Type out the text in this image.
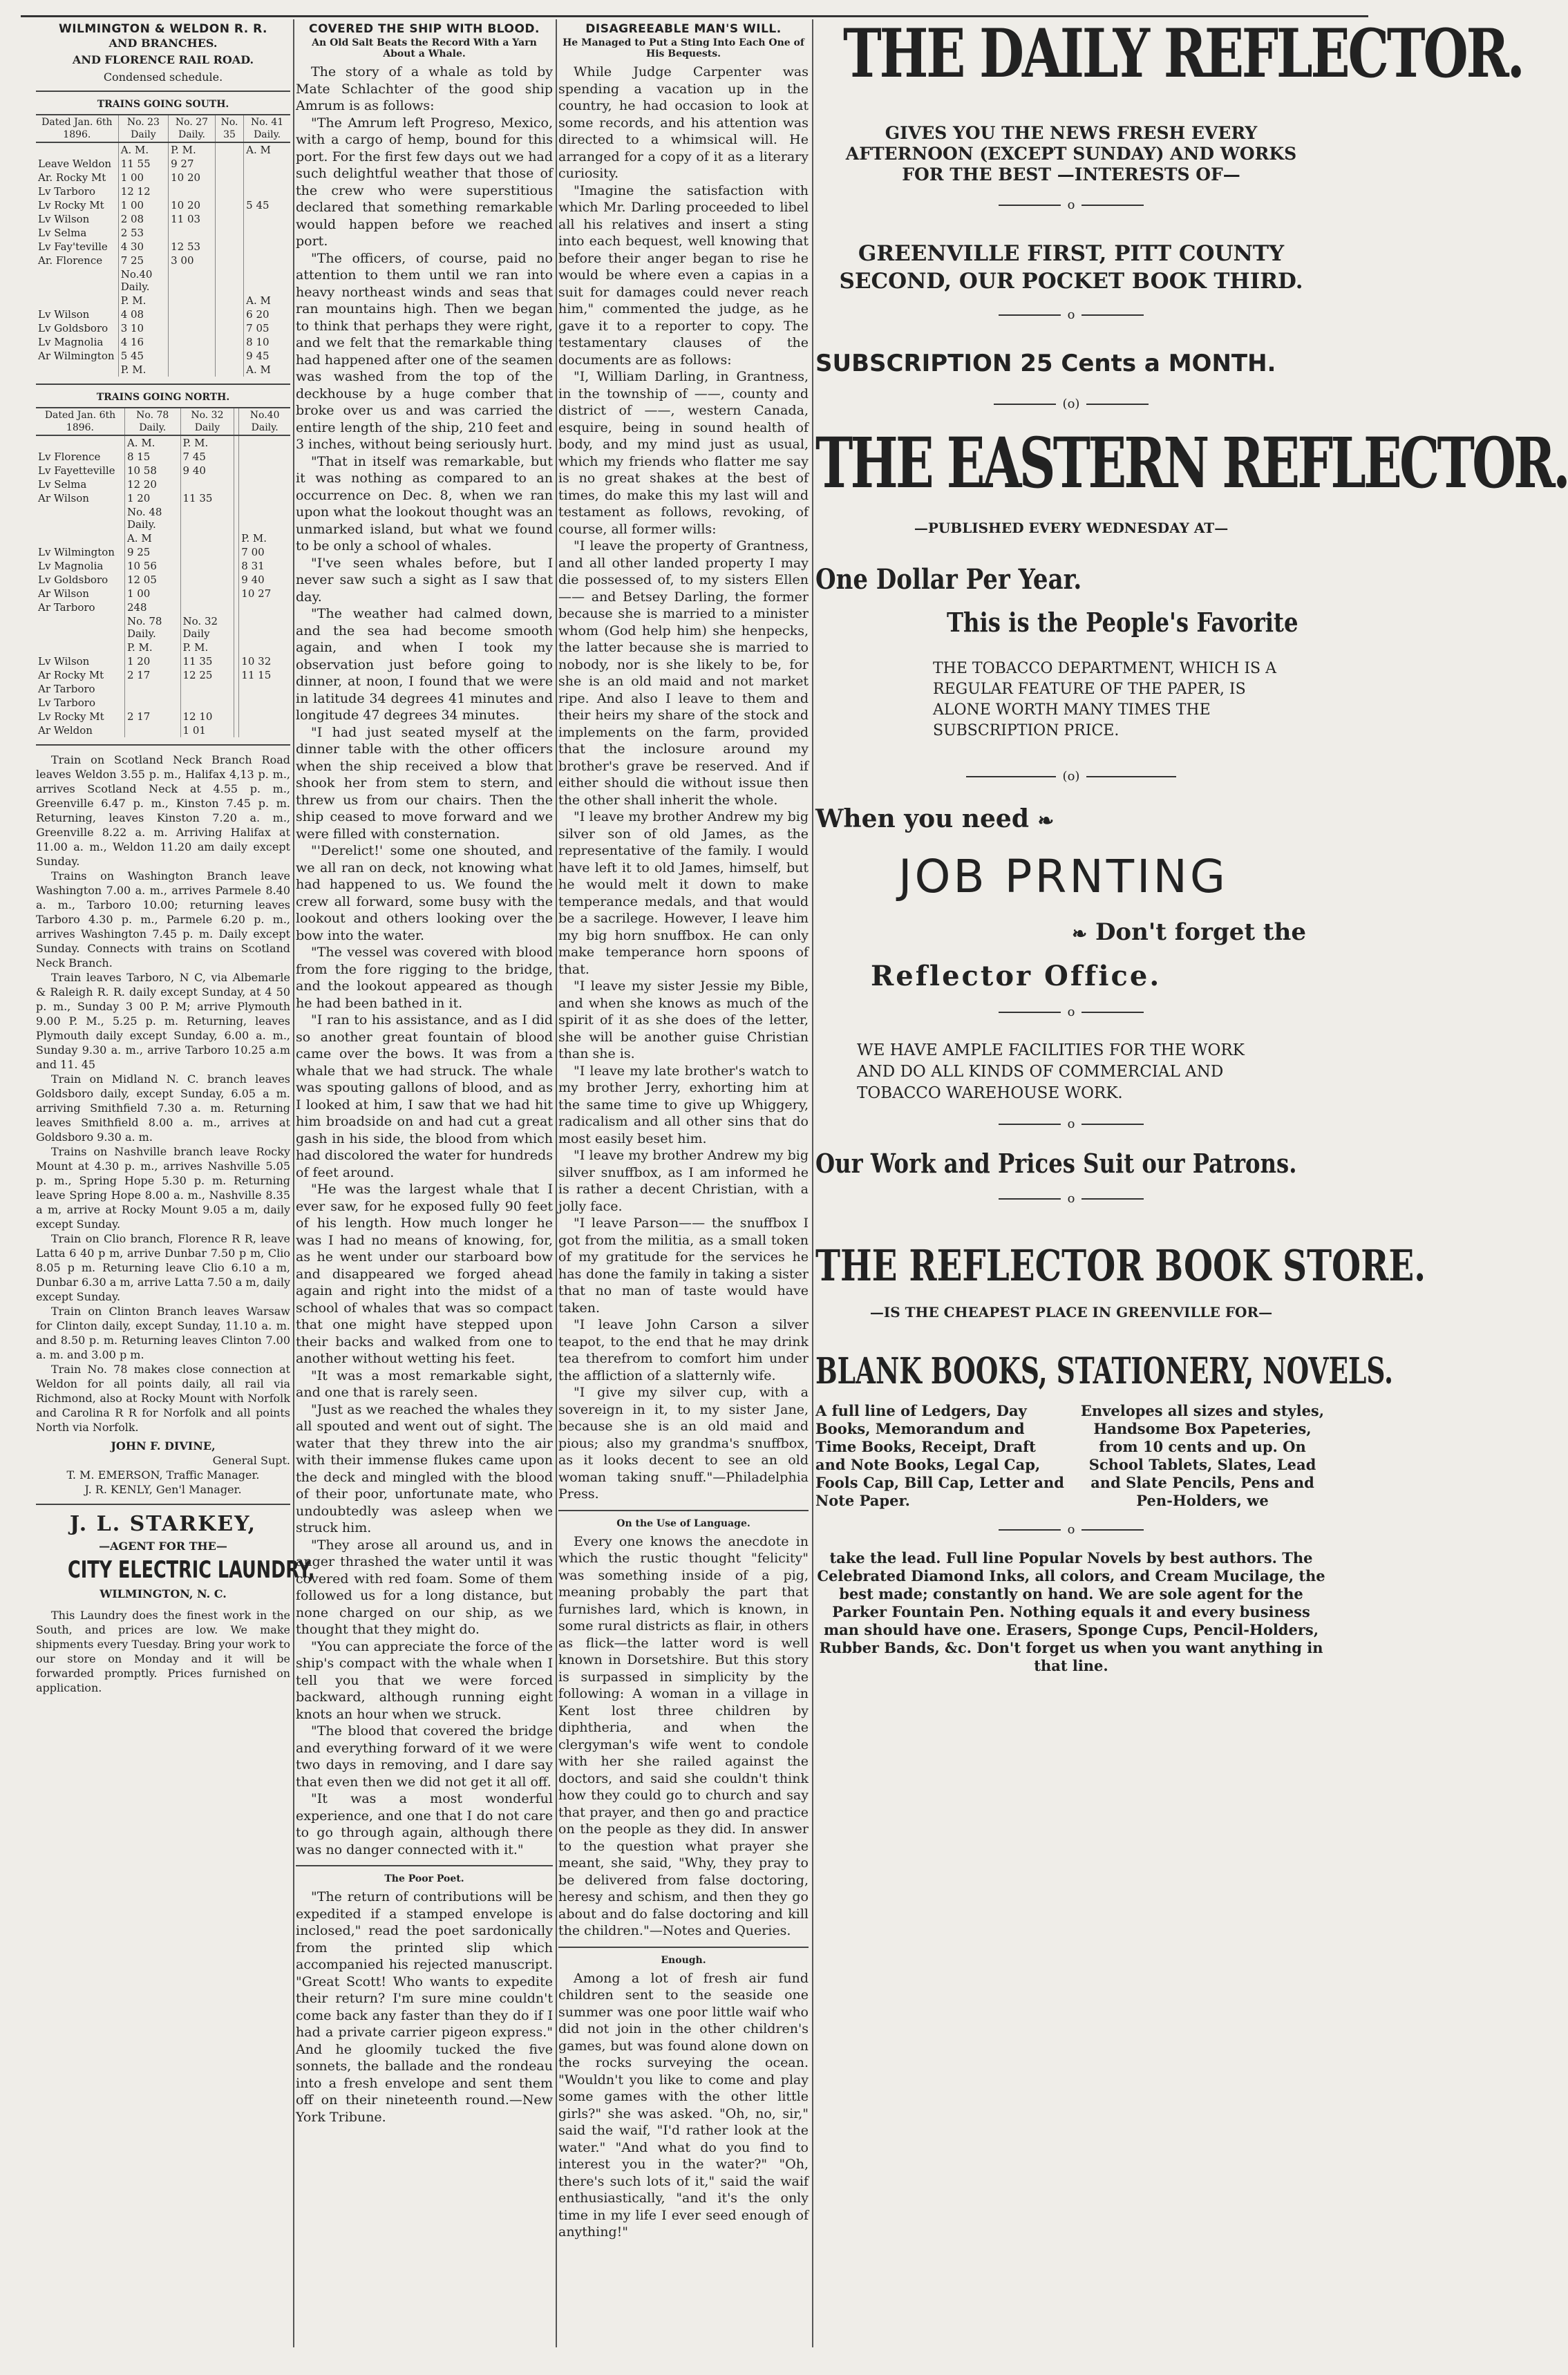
WILMINGTON & WELDON R. R.
AND BRANCHES.
AND FLORENCE RAIL ROAD.
Condensed schedule.
TRAINS GOING SOUTH.
Dated Jan. 6th 1896.	No. 23 Daily	No. 27 Daily.	No. 35	No. 41 Daily.
	A. M.	P. M.		A. M
Leave Weldon	11 55	9 27		
Ar. Rocky Mt	1 00	10 20		
Lv Tarboro	12 12			
Lv Rocky Mt	1 00	10 20		5 45
Lv Wilson	2 08	11 03		
Lv Selma	2 53			
Lv Fay'teville	4 30	12 53		
Ar. Florence	7 25	3 00		
	No.40 Daily.			
	P. M.			A. M
Lv Wilson	4 08			6 20
Lv Goldsboro	3 10			7 05
Lv Magnolia	4 16			8 10
Ar Wilmington	5 45			9 45
	P. M.			A. M
TRAINS GOING NORTH.
Dated Jan. 6th 1896.	No. 78 Daily.	No. 32 Daily		No.40 Daily.
	A. M.	P. M.		
Lv Florence	8 15	7 45		
Lv Fayetteville	10 58	9 40		
Lv Selma	12 20			
Ar Wilson	1 20	11 35		
	No. 48 Daily.			
	A. M			P. M.
Lv Wilmington	9 25			7 00
Lv Magnolia	10 56			8 31
Lv Goldsboro	12 05			9 40
Ar Wilson	1 00			10 27
Ar Tarboro	248			
	No. 78 Daily.	No. 32 Daily		
	P. M.	P. M.		
Lv Wilson	1 20	11 35		10 32
Ar Rocky Mt	2 17	12 25		11 15
Ar Tarboro				
Lv Tarboro				
Lv Rocky Mt	2 17	12 10		
Ar Weldon		1 01		

Train on Scotland Neck Branch Road leaves Weldon 3.55 p. m., Halifax 4,13 p. m., arrives Scotland Neck at 4.55 p. m., Greenville 6.47 p. m., Kinston 7.45 p. m. Returning, leaves Kinston 7.20 a. m., Greenville 8.22 a. m. Arriving Halifax at 11.00 a. m., Weldon 11.20 am daily except Sunday.

Trains on Washington Branch leave Washington 7.00 a. m., arrives Parmele 8.40 a. m., Tarboro 10.00; returning leaves Tarboro 4.30 p. m., Parmele 6.20 p. m., arrives Washington 7.45 p. m. Daily except Sunday. Connects with trains on Scotland Neck Branch.

Train leaves Tarboro, N C, via Albemarle & Raleigh R. R. daily except Sunday, at 4 50 p. m., Sunday 3 00 P. M; arrive Plymouth 9.00 P. M., 5.25 p. m. Returning, leaves Plymouth daily except Sunday, 6.00 a. m., Sunday 9.30 a. m., arrive Tarboro 10.25 a.m and 11. 45

Train on Midland N. C. branch leaves Goldsboro daily, except Sunday, 6.05 a m. arriving Smithfield 7.30 a. m. Returning leaves Smithfield 8.00 a. m., arrives at Goldsboro 9.30 a. m.

Trains on Nashville branch leave Rocky Mount at 4.30 p. m., arrives Nashville 5.05 p. m., Spring Hope 5.30 p. m. Returning leave Spring Hope 8.00 a. m., Nashville 8.35 a m, arrive at Rocky Mount 9.05 a m, daily except Sunday.

Train on Clio branch, Florence R R, leave Latta 6 40 p m, arrive Dunbar 7.50 p m, Clio 8.05 p m. Returning leave Clio 6.10 a m, Dunbar 6.30 a m, arrive Latta 7.50 a m, daily except Sunday.

Train on Clinton Branch leaves Warsaw for Clinton daily, except Sunday, 11.10 a. m. and 8.50 p. m. Returning leaves Clinton 7.00 a. m. and 3.00 p m.

Train No. 78 makes close connection at Weldon for all points daily, all rail via Richmond, also at Rocky Mount with Norfolk and Carolina R R for Norfolk and all points North via Norfolk.

JOHN F. DIVINE,
General Supt.
T. M. EMERSON, Traffic Manager.
J. R. KENLY, Gen'l Manager.
J. L. STARKEY,
—AGENT FOR THE—
CITY ELECTRIC LAUNDRY,
WILMINGTON, N. C.

This Laundry does the finest work in the South, and prices are low. We make shipments every Tuesday. Bring your work to our store on Monday and it will be forwarded promptly. Prices furnished on application.

COVERED THE SHIP WITH BLOOD.
An Old Salt Beats the Record With a Yarn About a Whale.

The story of a whale as told by Mate Schlachter of the good ship Amrum is as follows:

"The Amrum left Progreso, Mexico, with a cargo of hemp, bound for this port. For the first few days out we had such delightful weather that those of the crew who were superstitious declared that something remarkable would happen before we reached port.

"The officers, of course, paid no attention to them until we ran into heavy northeast winds and seas that ran mountains high. Then we began to think that perhaps they were right, and we felt that the remarkable thing had happened after one of the seamen was washed from the top of the deckhouse by a huge comber that broke over us and was carried the entire length of the ship, 210 feet and 3 inches, without being seriously hurt.

"That in itself was remarkable, but it was nothing as compared to an occurrence on Dec. 8, when we ran upon what the lookout thought was an unmarked island, but what we found to be only a school of whales.

"I've seen whales before, but I never saw such a sight as I saw that day.

"The weather had calmed down, and the sea had become smooth again, and when I took my observation just before going to dinner, at noon, I found that we were in latitude 34 degrees 41 minutes and longitude 47 degrees 34 minutes.

"I had just seated myself at the dinner table with the other officers when the ship received a blow that shook her from stem to stern, and threw us from our chairs. Then the ship ceased to move forward and we were filled with consternation.

"'Derelict!' some one shouted, and we all ran on deck, not knowing what had happened to us. We found the crew all forward, some busy with the lookout and others looking over the bow into the water.

"The vessel was covered with blood from the fore rigging to the bridge, and the lookout appeared as though he had been bathed in it.

"I ran to his assistance, and as I did so another great fountain of blood came over the bows. It was from a whale that we had struck. The whale was spouting gallons of blood, and as I looked at him, I saw that we had hit him broadside on and had cut a great gash in his side, the blood from which had discolored the water for hundreds of feet around.

"He was the largest whale that I ever saw, for he exposed fully 90 feet of his length. How much longer he was I had no means of knowing, for, as he went under our starboard bow and disappeared we forged ahead again and right into the midst of a school of whales that was so compact that one might have stepped upon their backs and walked from one to another without wetting his feet.

"It was a most remarkable sight, and one that is rarely seen.

"Just as we reached the whales they all spouted and went out of sight. The water that they threw into the air with their immense flukes came upon the deck and mingled with the blood of their poor, unfortunate mate, who undoubtedly was asleep when we struck him.

"They arose all around us, and in anger thrashed the water until it was covered with red foam. Some of them followed us for a long distance, but none charged on our ship, as we thought that they might do.

"You can appreciate the force of the ship's compact with the whale when I tell you that we were forced backward, although running eight knots an hour when we struck.

"The blood that covered the bridge and everything forward of it we were two days in removing, and I dare say that even then we did not get it all off.

"It was a most wonderful experience, and one that I do not care to go through again, although there was no danger connected with it."

The Poor Poet.

"The return of contributions will be expedited if a stamped envelope is inclosed," read the poet sardonically from the printed slip which accompanied his rejected manuscript. "Great Scott! Who wants to expedite their return? I'm sure mine couldn't come back any faster than they do if I had a private carrier pigeon express." And he gloomily tucked the five sonnets, the ballade and the rondeau into a fresh envelope and sent them off on their nineteenth round.—New York Tribune.

DISAGREEABLE MAN'S WILL.
He Managed to Put a Sting Into Each One of His Bequests.

While Judge Carpenter was spending a vacation up in the country, he had occasion to look at some records, and his attention was directed to a whimsical will. He arranged for a copy of it as a literary curiosity.

"Imagine the satisfaction with which Mr. Darling proceeded to libel all his relatives and insert a sting into each bequest, well knowing that before their anger began to rise he would be where even a capias in a suit for damages could never reach him," commented the judge, as he gave it to a reporter to copy. The testamentary clauses of the documents are as follows:

"I, William Darling, in Grantness, in the township of ——, county and district of ——, western Canada, esquire, being in sound health of body, and my mind just as usual, which my friends who flatter me say is no great shakes at the best of times, do make this my last will and testament as follows, revoking, of course, all former wills:

"I leave the property of Grantness, and all other landed property I may die possessed of, to my sisters Ellen —— and Betsey Darling, the former because she is married to a minister whom (God help him) she henpecks, the latter because she is married to nobody, nor is she likely to be, for she is an old maid and not market ripe. And also I leave to them and their heirs my share of the stock and implements on the farm, provided that the inclosure around my brother's grave be reserved. And if either should die without issue then the other shall inherit the whole.

"I leave my brother Andrew my big silver son of old James, as the representative of the family. I would have left it to old James, himself, but he would melt it down to make temperance medals, and that would be a sacrilege. However, I leave him my big horn snuffbox. He can only make temperance horn spoons of that.

"I leave my sister Jessie my Bible, and when she knows as much of the spirit of it as she does of the letter, she will be another guise Christian than she is.

"I leave my late brother's watch to my brother Jerry, exhorting him at the same time to give up Whiggery, radicalism and all other sins that do most easily beset him.

"I leave my brother Andrew my big silver snuffbox, as I am informed he is rather a decent Christian, with a jolly face.

"I leave Parson—— the snuffbox I got from the militia, as a small token of my gratitude for the services he has done the family in taking a sister that no man of taste would have taken.

"I leave John Carson a silver teapot, to the end that he may drink tea therefrom to comfort him under the affliction of a slatternly wife.

"I give my silver cup, with a sovereign in it, to my sister Jane, because she is an old maid and pious; also my grandma's snuffbox, as it looks decent to see an old woman taking snuff."—Philadelphia Press.

On the Use of Language.

Every one knows the anecdote in which the rustic thought "felicity" was something inside of a pig, meaning probably the part that furnishes lard, which is known, in some rural districts as flair, in others as flick—the latter word is well known in Dorsetshire. But this story is surpassed in simplicity by the following: A woman in a village in Kent lost three children by diphtheria, and when the clergyman's wife went to condole with her she railed against the doctors, and said she couldn't think how they could go to church and say that prayer, and then go and practice on the people as they did. In answer to the question what prayer she meant, she said, "Why, they pray to be delivered from false doctoring, heresy and schism, and then they go about and do false doctoring and kill the children."—Notes and Queries.

Enough.

Among a lot of fresh air fund children sent to the seaside one summer was one poor little waif who did not join in the other children's games, but was found alone down on the rocks surveying the ocean. "Wouldn't you like to come and play some games with the other little girls?" she was asked. "Oh, no, sir," said the waif, "I'd rather look at the water." "And what do you find to interest you in the water?" "Oh, there's such lots of it," said the waif enthusiastically, "and it's the only time in my life I ever seed enough of anything!"

THE DAILY REFLECTOR.
GIVES YOU THE NEWS FRESH EVERY AFTERNOON (EXCEPT SUNDAY) AND WORKS FOR THE BEST —INTERESTS OF—
o
GREENVILLE FIRST, PITT COUNTY SECOND, OUR POCKET BOOK THIRD.
o
SUBSCRIPTION 25 Cents a MONTH.
(o)
THE EASTERN REFLECTOR.
—PUBLISHED EVERY WEDNESDAY AT—
One Dollar Per Year.
This is the People's Favorite
THE TOBACCO DEPARTMENT, WHICH IS A REGULAR FEATURE OF THE PAPER, IS ALONE WORTH MANY TIMES THE SUBSCRIPTION PRICE.
(o)
When you need ❧
JOB PRNTING
❧ Don't forget the
Reflector Office.
o
WE HAVE AMPLE FACILITIES FOR THE WORK AND DO ALL KINDS OF COMMERCIAL AND TOBACCO WAREHOUSE WORK.
o
Our Work and Prices Suit our Patrons.
o
THE REFLECTOR BOOK STORE.
—IS THE CHEAPEST PLACE IN GREENVILLE FOR—
BLANK BOOKS, STATIONERY, NOVELS.
A full line of Ledgers, Day Books, Memorandum and Time Books, Receipt, Draft and Note Books, Legal Cap, Fools Cap, Bill Cap, Letter and Note Paper.
Envelopes all sizes and styles, Handsome Box Papeteries, from 10 cents and up. On School Tablets, Slates, Lead and Slate Pencils, Pens and Pen-Holders, we
o
take the lead. Full line Popular Novels by best authors. The Celebrated Diamond Inks, all colors, and Cream Mucilage, the best made; constantly on hand. We are sole agent for the Parker Fountain Pen. Nothing equals it and every business man should have one. Erasers, Sponge Cups, Pencil-Holders, Rubber Bands, &c. Don't forget us when you want anything in that line.
